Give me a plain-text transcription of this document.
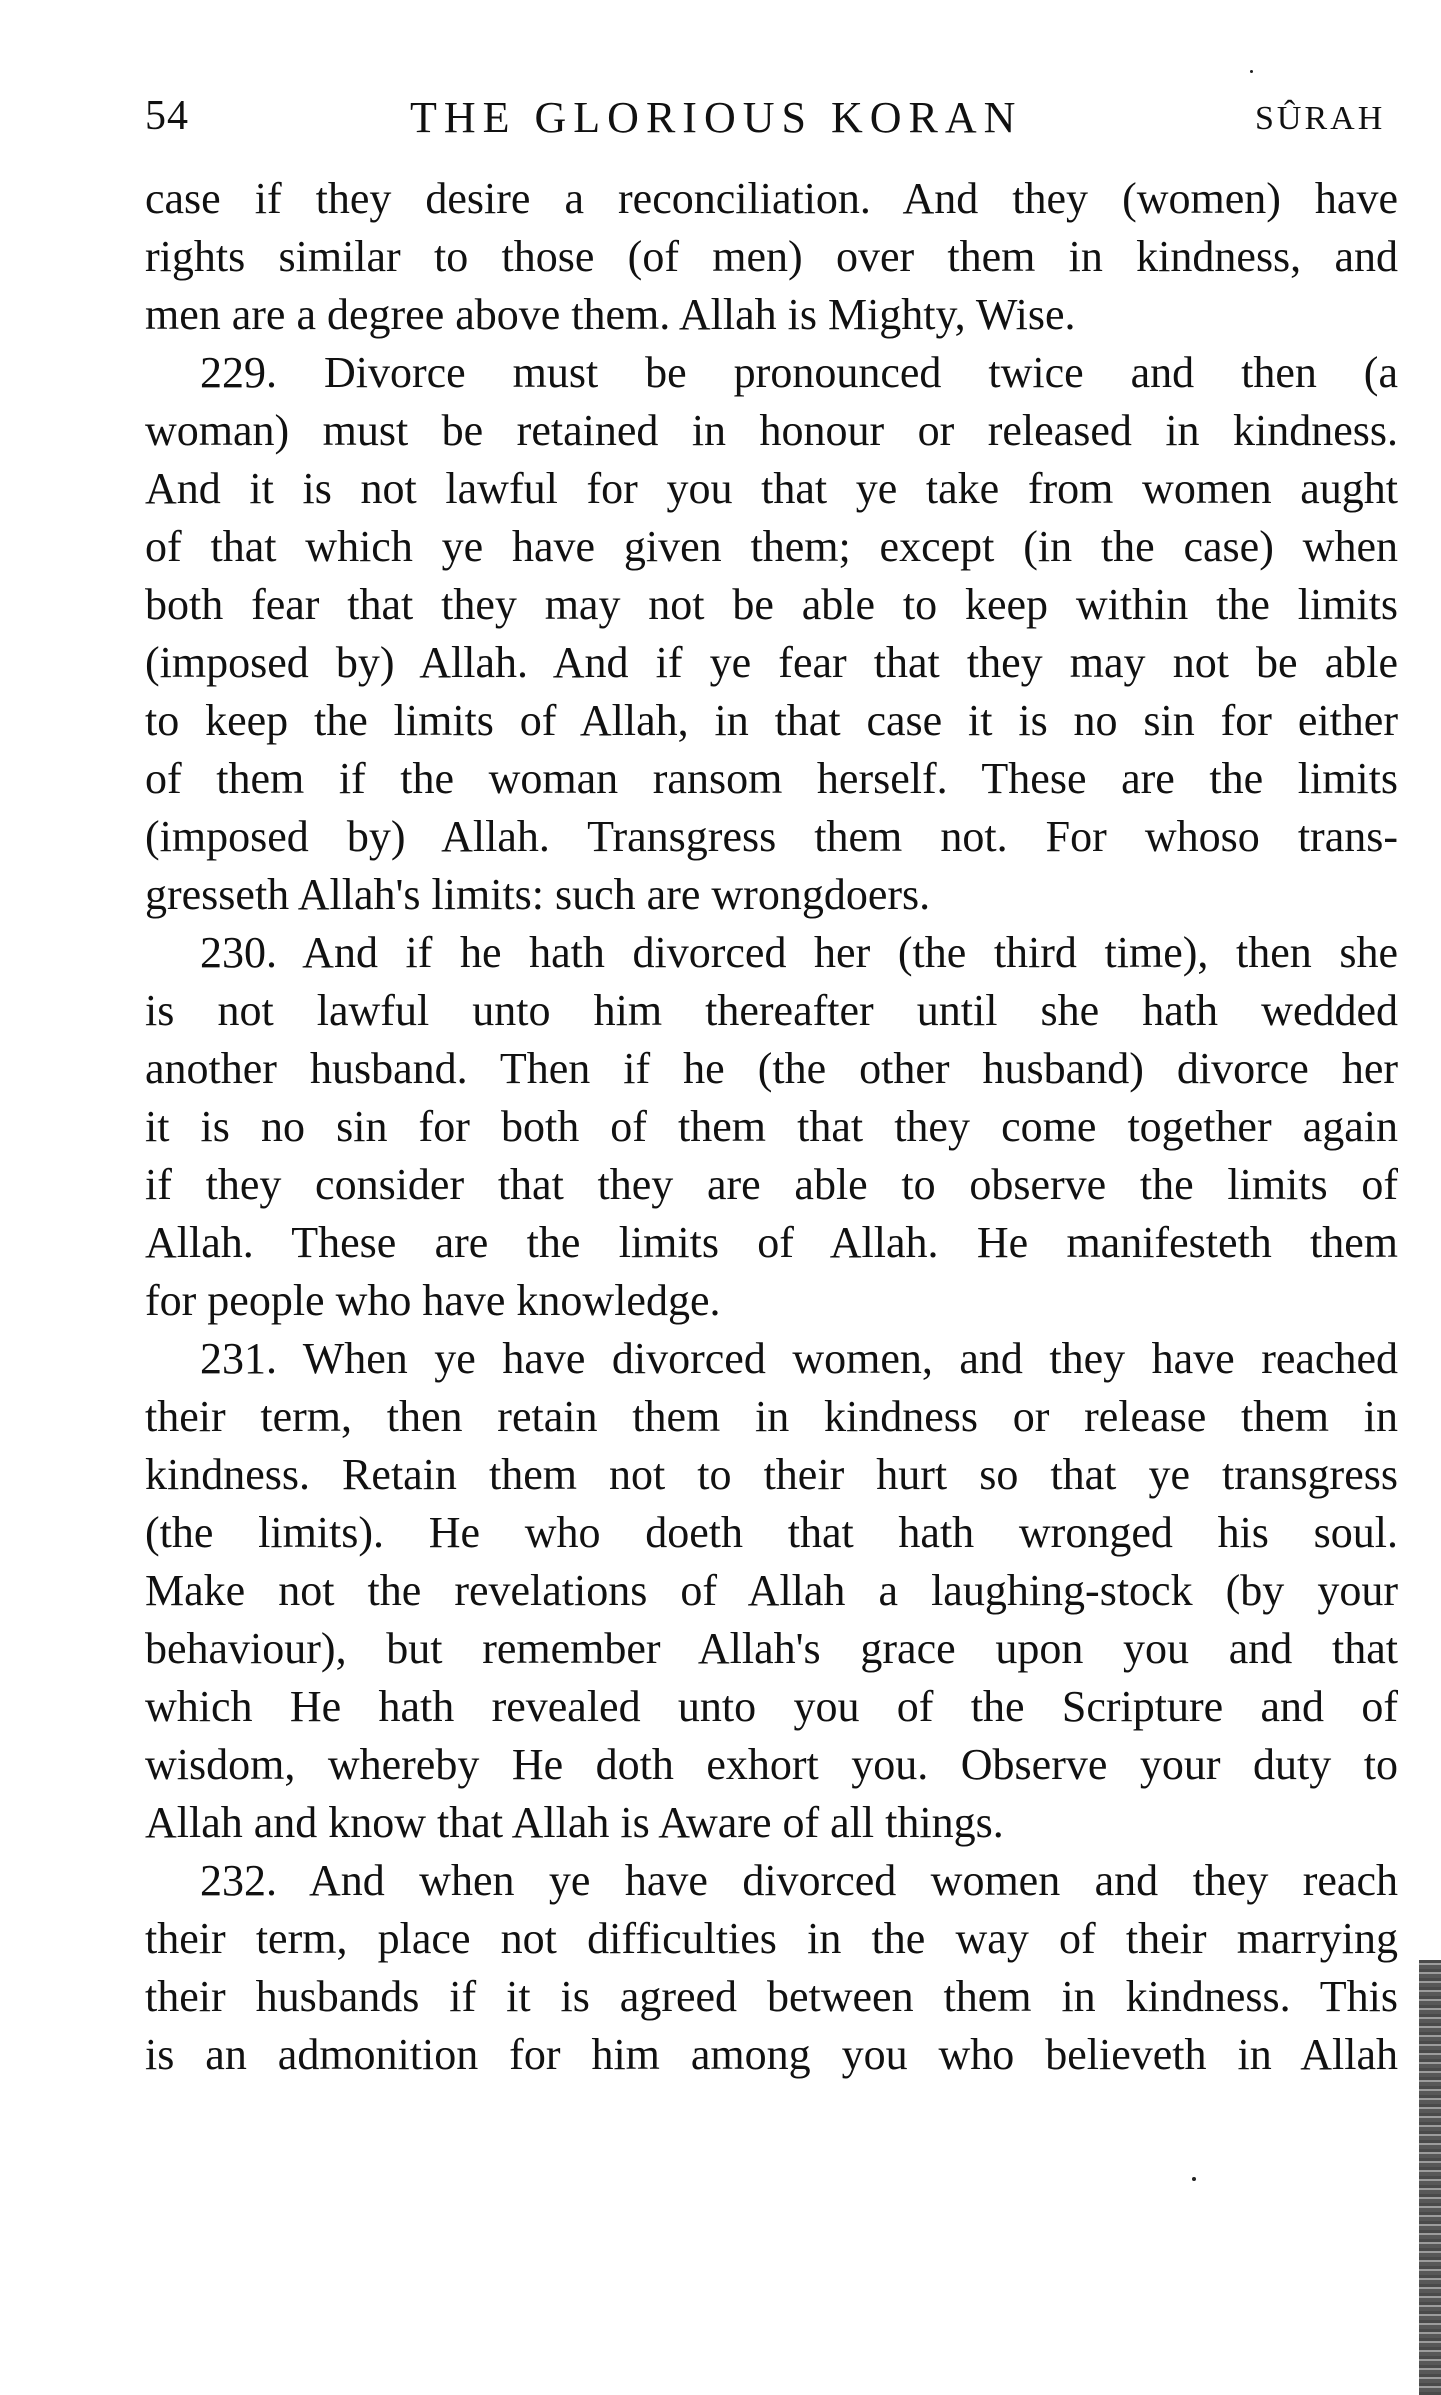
54	THE GLORIOUS KORAN	SÛRAH
case if they desire a reconciliation. And they (women) have
rights similar to those (of men) over them in kindness, and
men are a degree above them. Allah is Mighty, Wise.
229. Divorce must be pronounced twice and then (a
woman) must be retained in honour or released in kindness.
And it is not lawful for you that ye take from women aught
of that which ye have given them; except (in the case) when
both fear that they may not be able to keep within the limits
(imposed by) Allah. And if ye fear that they may not be able
to keep the limits of Allah, in that case it is no sin for either
of them if the woman ransom herself. These are the limits
(imposed by) Allah. Transgress them not. For whoso trans-
gresseth Allah's limits: such are wrongdoers.
230. And if he hath divorced her (the third time), then she
is not lawful unto him thereafter until she hath wedded
another husband. Then if he (the other husband) divorce her
it is no sin for both of them that they come together again
if they consider that they are able to observe the limits of
Allah. These are the limits of Allah. He manifesteth them
for people who have knowledge.
231. When ye have divorced women, and they have reached
their term, then retain them in kindness or release them in
kindness. Retain them not to their hurt so that ye transgress
(the limits). He who doeth that hath wronged his soul.
Make not the revelations of Allah a laughing-stock (by your
behaviour), but remember Allah's grace upon you and that
which He hath revealed unto you of the Scripture and of
wisdom, whereby He doth exhort you. Observe your duty to
Allah and know that Allah is Aware of all things.
232. And when ye have divorced women and they reach
their term, place not difficulties in the way of their marrying
their husbands if it is agreed between them in kindness. This
is an admonition for him among you who believeth in Allah
